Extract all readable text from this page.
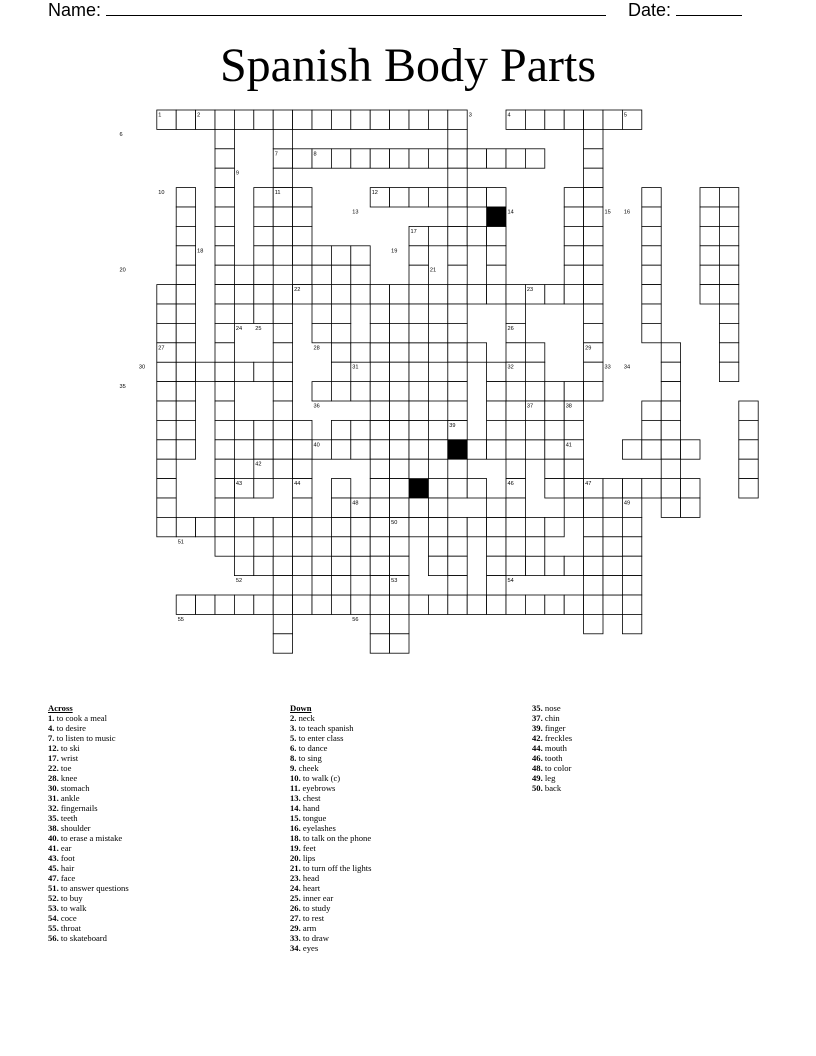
Name:	Date:
Spanish Body Parts
1	2	3	4	5
6
7	8
9
10	11	12
13	14	15 16
17
18	19
20	21
22	23
24 25	26
27	28	29
30	31	32	33 34
35
36	37	38
39
40	41
42
43	44	45	46	47
48	49
50
51
52	53	54
55	56
Across
1. to cook a meal
4. to desire
7. to listen to music
12. to ski
17. wrist
22. toe
28. knee
30. stomach
31. ankle
32. fingernails
35. teeth
38. shoulder
40. to erase a mistake
41. ear
43. foot
45. hair
47. face
51. to answer questions
52. to buy
53. to walk
54. coce
55. throat
56. to skateboard
Down
2. neck
3. to teach spanish
5. to enter class
6. to dance
8. to sing
9. cheek
10. to walk (c)
11. eyebrows
13. chest
14. hand
15. tongue
16. eyelashes
18. to talk on the phone
19. feet
20. lips
21. to turn off the lights
23. head
24. heart
25. inner ear
26. to study
27. to rest
29. arm
33. to draw
34. eyes
35. nose
37. chin
39. finger
42. freckles
44. mouth
46. tooth
48. to color
49. leg
50. back
